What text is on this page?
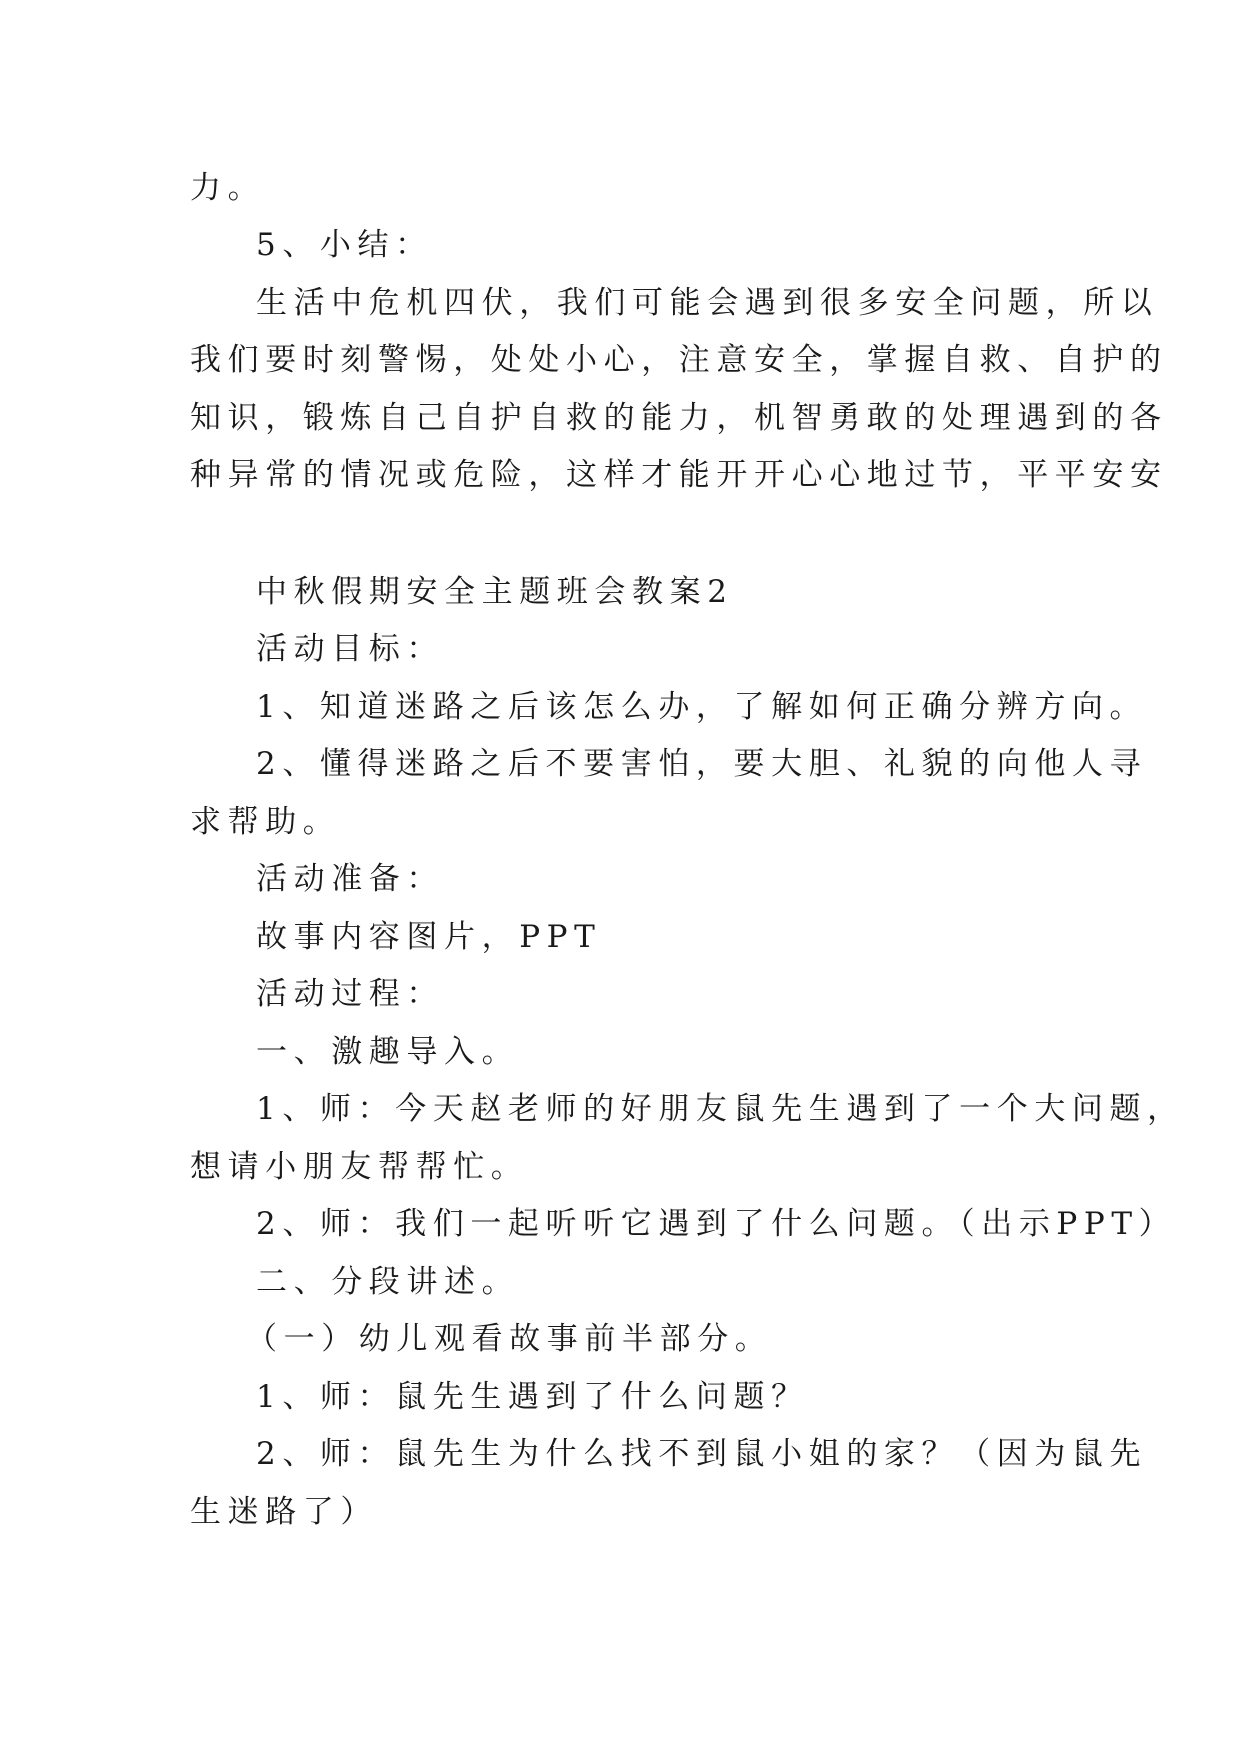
力。
5、小结：
生活中危机四伏，我们可能会遇到很多安全问题，所以
我们要时刻警惕，处处小心，注意安全，掌握自救、自护的
知识，锻炼自己自护自救的能力，机智勇敢的处理遇到的各
种异常的情况或危险，这样才能开开心心地过节，平平安安
中秋假期安全主题班会教案2
活动目标：
1、知道迷路之后该怎么办，了解如何正确分辨方向。
2、懂得迷路之后不要害怕，要大胆、礼貌的向他人寻
求帮助。
活动准备：
故事内容图片，PPT
活动过程：
一、激趣导入。
1、师：今天赵老师的好朋友鼠先生遇到了一个大问题，
想请小朋友帮帮忙。
2、师：我们一起听听它遇到了什么问题。（出示PPT）
二、分段讲述。
（一）幼儿观看故事前半部分。
1、师：鼠先生遇到了什么问题？
2、师：鼠先生为什么找不到鼠小姐的家？（因为鼠先
生迷路了）
